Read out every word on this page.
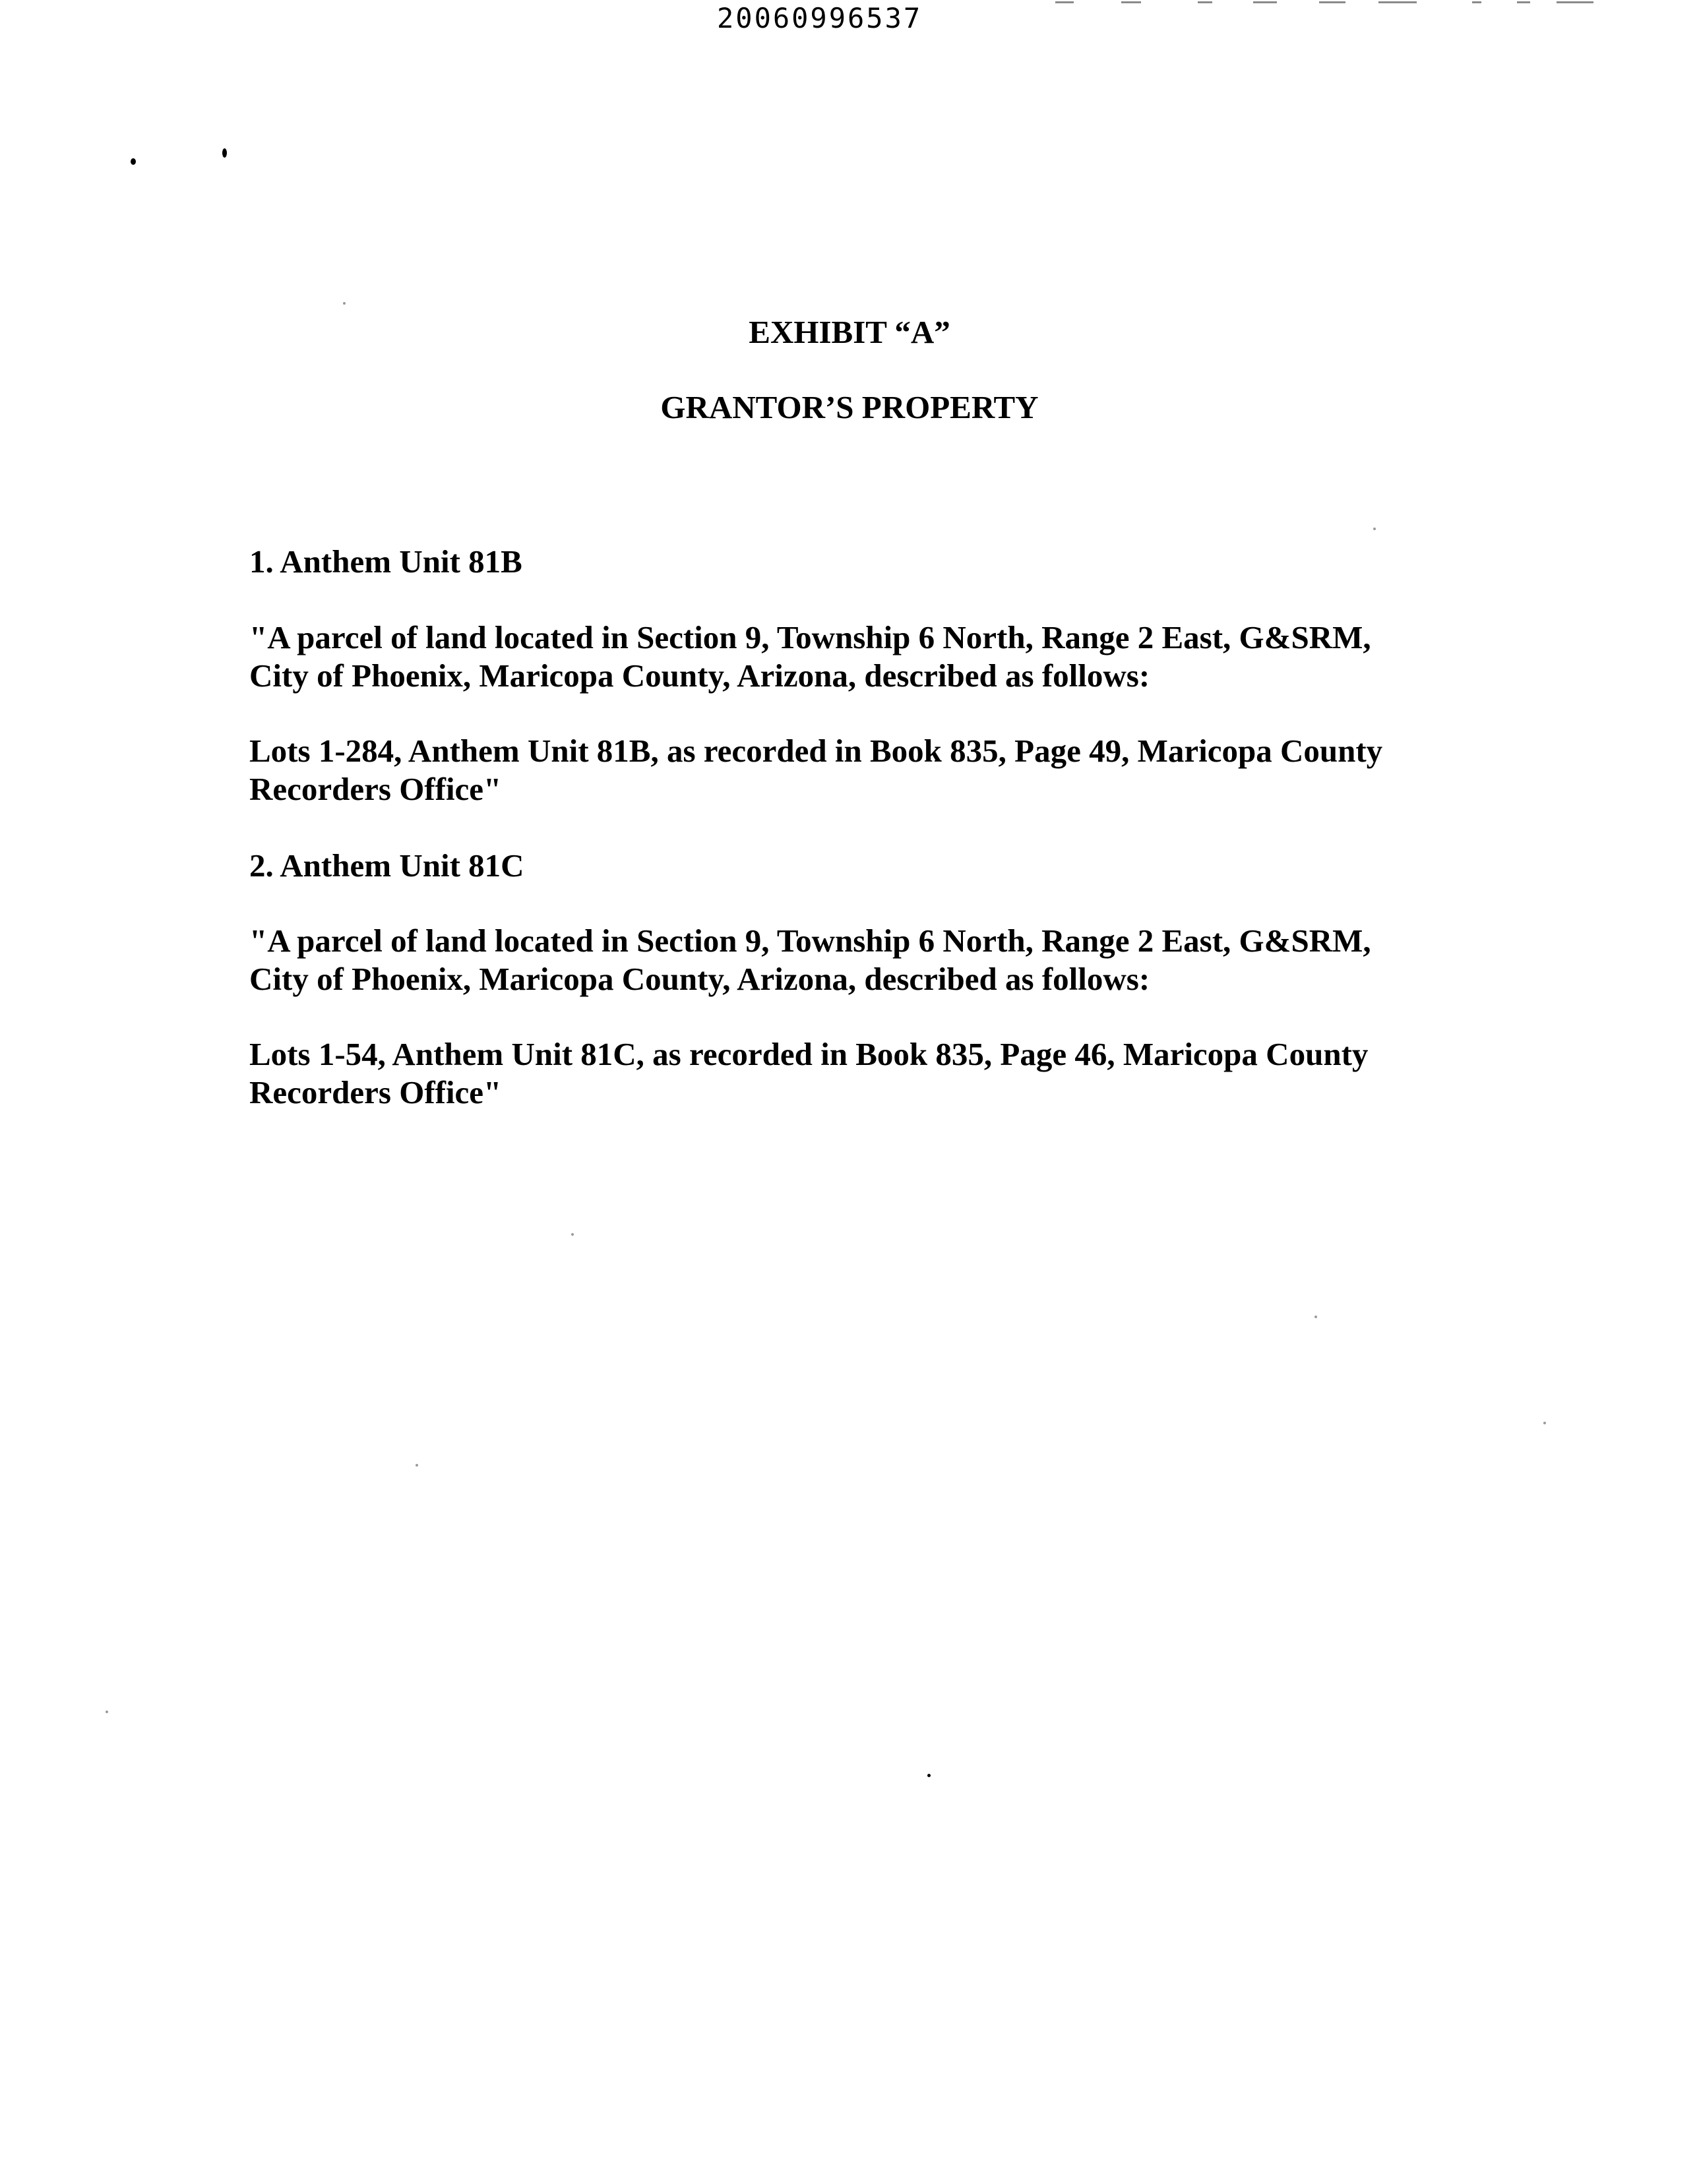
20060996537
EXHIBIT “A”
GRANTOR’S PROPERTY

1. Anthem Unit 81B

"A parcel of land located in Section 9, Township 6 North, Range 2 East, G&SRM,

City of Phoenix, Maricopa County, Arizona, described as follows:

Lots 1-284, Anthem Unit 81B, as recorded in Book 835, Page 49, Maricopa County

Recorders Office"

2. Anthem Unit 81C

"A parcel of land located in Section 9, Township 6 North, Range 2 East, G&SRM,

City of Phoenix, Maricopa County, Arizona, described as follows:

Lots 1-54, Anthem Unit 81C, as recorded in Book 835, Page 46, Maricopa County

Recorders Office"
